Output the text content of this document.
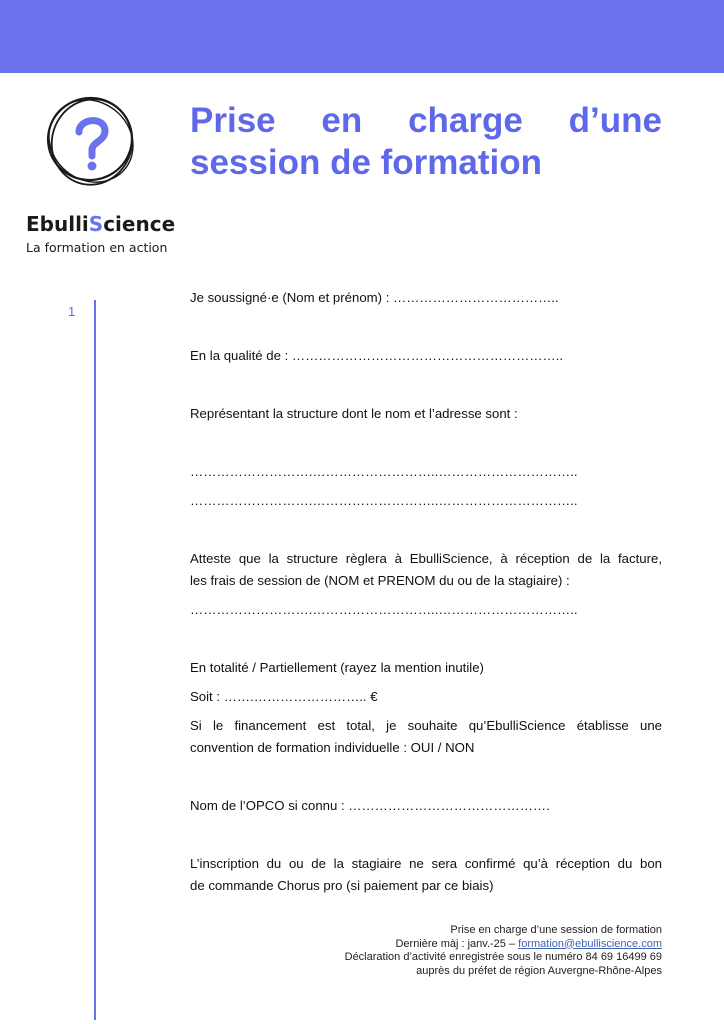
EbulliScience
La formation en action
Prise en charge d’une session de formation
1
Je soussigné·e (Nom et prénom) : ………………………………..
En la qualité de : ……………………………………………………..
Représentant la structure dont le nom et l’adresse sont :
……………………….………………………..…………………………..
……………………….………………………..…………………………..
Atteste que la structure règlera à EbulliScience, à réception de la facture,
les frais de session de (NOM et PRENOM du ou de la stagiaire) :
……………………….………………………..…………………………..
En totalité / Partiellement (rayez la mention inutile)
Soit : …….…………………….. €
Si le financement est total, je souhaite qu’EbulliScience établisse une
convention de formation individuelle : OUI / NON
Nom de l’OPCO si connu : ……………………………………….
L’inscription du ou de la stagiaire ne sera confirmé qu’à réception du bon
de commande Chorus pro (si paiement par ce biais)
Prise en charge d’une session de formation
Dernière màj : janv.-25 – formation@ebulliscience.com
Déclaration d’activité enregistrée sous le numéro 84 69 16499 69
auprès du préfet de région Auvergne-Rhône-Alpes
